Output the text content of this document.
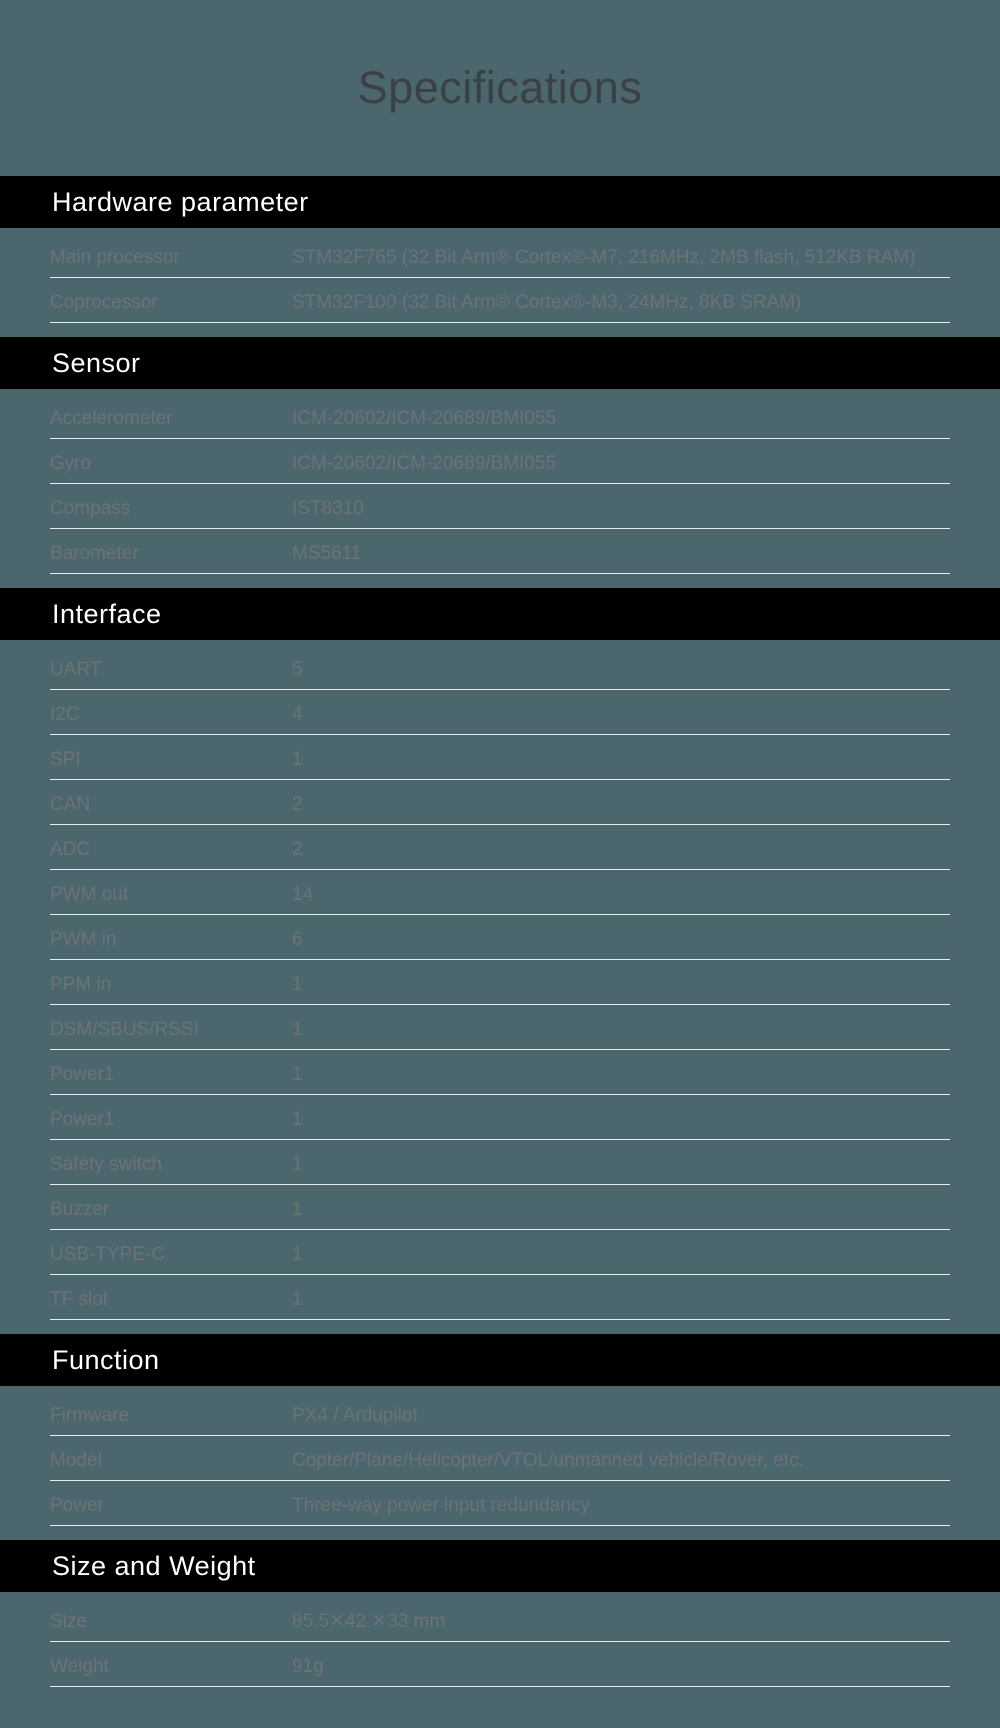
Specifications
Hardware parameter
Main processor	STM32F765 (32 Bit Arm® Cortex®-M7, 216MHz, 2MB flash, 512KB RAM)
Coprocessor	STM32F100 (32 Bit Arm® Cortex®-M3, 24MHz, 8KB SRAM)
Sensor
Accelerometer	ICM-20602/ICM-20689/BMI055
Gyro	ICM-20602/ICM-20689/BMI055
Compass	IST8310
Barometer	MS5611
Interface
UART	5
I2C	4
SPI	1
CAN	2
ADC	2
PWM out	14
PWM in	6
PPM in	1
DSM/SBUS/RSSI	1
Power1	1
Power1	1
Safety switch	1
Buzzer	1
USB-TYPE-C	1
TF slot	1
Function
Firmware	PX4 / Ardupilot
Model	Copter/Plane/Helicopter/VTOL/unmanned vehicle/Rover, etc.
Power	Three-way power input redundancy
Size and Weight
Size	85.5✕42 ✕33 mm
Weight	91g
